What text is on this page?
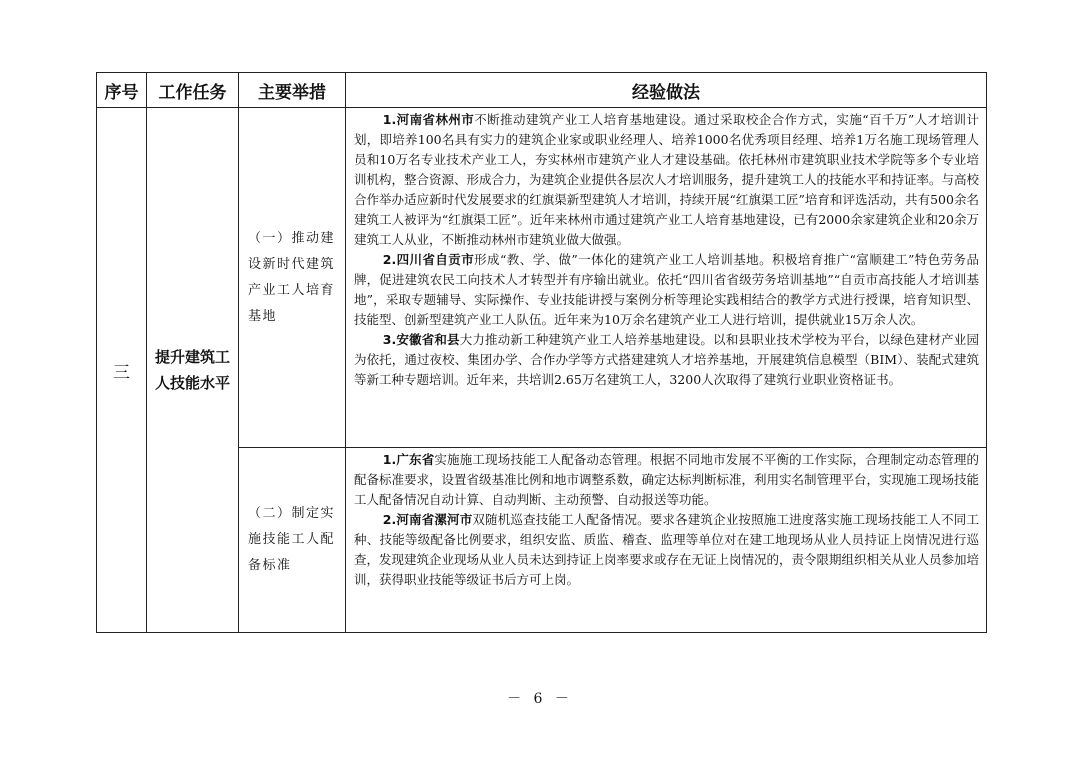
序号	工作任务	主要举措	经验做法
三	提升建筑工人技能水平	（一）推动建设新时代建筑产业工人培育基地	1.河南省林州市不断推动建筑产业工人培育基地建设。通过采取校企合作方式，实施“百千万”人才培训计划，即培养100名具有实力的建筑企业家或职业经理人、培养1000名优秀项目经理、培养1万名施工现场管理人员和10万名专业技术产业工人，夯实林州市建筑产业人才建设基础。依托林州市建筑职业技术学院等多个专业培训机构，整合资源、形成合力，为建筑企业提供各层次人才培训服务，提升建筑工人的技能水平和持证率。与高校合作举办适应新时代发展要求的红旗渠新型建筑人才培训，持续开展“红旗渠工匠”培育和评选活动，共有500余名建筑工人被评为“红旗渠工匠”。近年来林州市通过建筑产业工人培育基地建设，已有2000余家建筑企业和20余万建筑工人从业，不断推动林州市建筑业做大做强。

2.四川省自贡市形成“教、学、做”一体化的建筑产业工人培训基地。积极培育推广“富顺建工”特色劳务品牌，促进建筑农民工向技术人才转型并有序输出就业。依托“四川省省级劳务培训基地”“自贡市高技能人才培训基地”，采取专题辅导、实际操作、专业技能讲授与案例分析等理论实践相结合的教学方式进行授课，培育知识型、技能型、创新型建筑产业工人队伍。近年来为10万余名建筑产业工人进行培训，提供就业15万余人次。

3.安徽省和县大力推动新工种建筑产业工人培养基地建设。以和县职业技术学校为平台，以绿色建材产业园为依托，通过夜校、集团办学、合作办学等方式搭建建筑人才培养基地，开展建筑信息模型（BIM）、装配式建筑等新工种专题培训。近年来，共培训2.65万名建筑工人，3200人次取得了建筑行业职业资格证书。

		（二）制定实施技能工人配备标准	1.广东省实施施工现场技能工人配备动态管理。根据不同地市发展不平衡的工作实际，合理制定动态管理的配备标准要求，设置省级基准比例和地市调整系数，确定达标判断标准，利用实名制管理平台，实现施工现场技能工人配备情况自动计算、自动判断、主动预警、自动报送等功能。

2.河南省漯河市双随机巡查技能工人配备情况。要求各建筑企业按照施工进度落实施工现场技能工人不同工种、技能等级配备比例要求，组织安监、质监、稽查、监理等单位对在建工地现场从业人员持证上岗情况进行巡查，发现建筑企业现场从业人员未达到持证上岗率要求或存在无证上岗情况的，责令限期组织相关从业人员参加培训，获得职业技能等级证书后方可上岗。

－ 6 －
